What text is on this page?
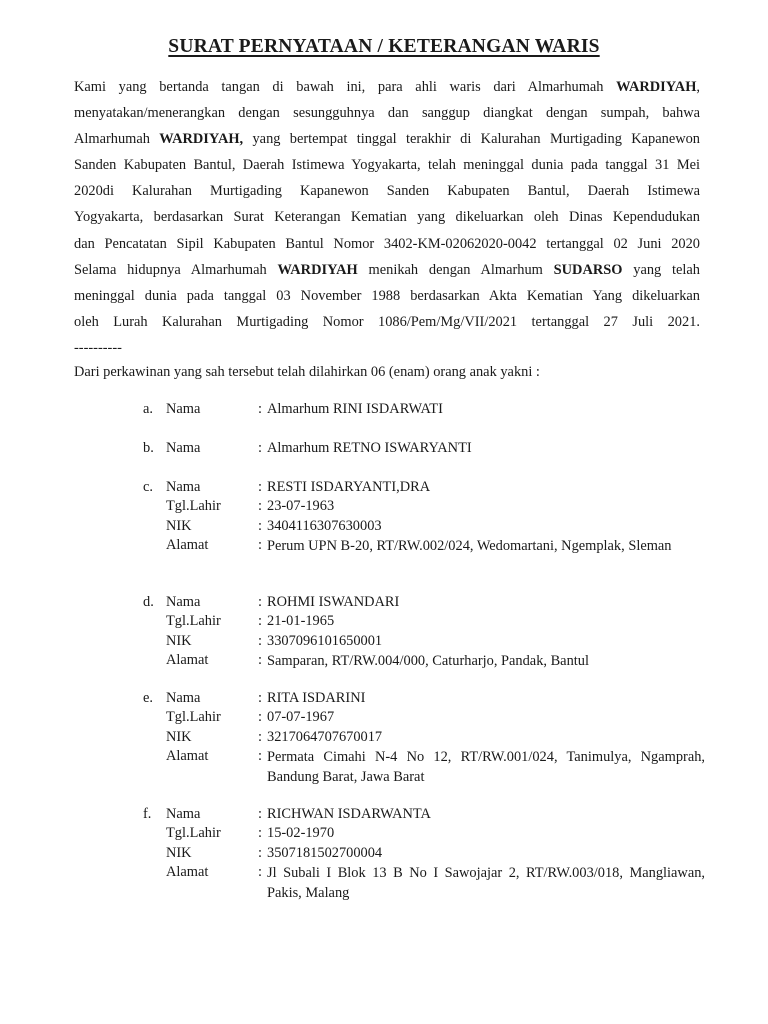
SURAT PERNYATAAN / KETERANGAN WARIS
Kami yang bertanda tangan di bawah ini, para ahli waris dari Almarhumah WARDIYAH,
menyatakan/menerangkan dengan sesungguhnya dan sanggup diangkat dengan sumpah, bahwa
Almarhumah WARDIYAH, yang bertempat tinggal terakhir di Kalurahan Murtigading Kapanewon
Sanden Kabupaten Bantul, Daerah Istimewa Yogyakarta, telah meninggal dunia pada tanggal 31 Mei
2020di Kalurahan Murtigading Kapanewon Sanden Kabupaten Bantul, Daerah Istimewa
Yogyakarta, berdasarkan Surat Keterangan Kematian yang dikeluarkan oleh Dinas Kependudukan
dan Pencatatan Sipil Kabupaten Bantul Nomor 3402-KM-02062020-0042 tertanggal 02 Juni 2020
Selama hidupnya Almarhumah WARDIYAH menikah dengan Almarhum SUDARSO yang telah
meninggal dunia pada tanggal 03 November 1988 berdasarkan Akta Kematian Yang dikeluarkan
oleh Lurah Kalurahan Murtigading Nomor 1086/Pem/Mg/VII/2021 tertanggal 27 Juli 2021.
----------
Dari perkawinan yang sah tersebut telah dilahirkan 06 (enam) orang anak yakni :
a. Nama	: Almarhum RINI ISDARWATI
b. Nama	: Almarhum RETNO ISWARYANTI
c. Nama	: RESTI ISDARYANTI,DRA
Tgl.Lahir	: 23-07-1963
NIK	: 3404116307630003
Alamat	: Perum UPN B-20, RT/RW.002/024, Wedomartani, Ngemplak, Sleman
d. Nama	: ROHMI ISWANDARI
Tgl.Lahir	: 21-01-1965
NIK	: 3307096101650001
Alamat	: Samparan, RT/RW.004/000, Caturharjo, Pandak, Bantul
e. Nama	: RITA ISDARINI
Tgl.Lahir	: 07-07-1967
NIK	: 3217064707670017
Alamat	: Permata Cimahi N-4 No 12, RT/RW.001/024, Tanimulya, Ngamprah, Bandung Barat, Jawa Barat
f. Nama	: RICHWAN ISDARWANTA
Tgl.Lahir	: 15-02-1970
NIK	: 3507181502700004
Alamat	: Jl Subali I Blok 13 B No I Sawojajar 2, RT/RW.003/018, Mangliawan, Pakis, Malang
